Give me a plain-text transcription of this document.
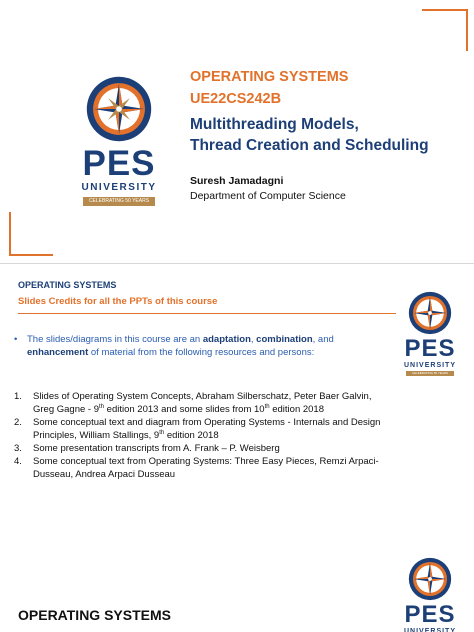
PES
UNIVERSITY
CELEBRATING 50 YEARS
OPERATING SYSTEMS
UE22CS242B
Multithreading Models,
Thread Creation and Scheduling
Suresh Jamadagni
Department of Computer Science
OPERATING SYSTEMS
Slides Credits for all the PPTs of this course
PES
UNIVERSITY
CELEBRATING 50 YEARS
•	The slides/diagrams in this course are an adaptation, combination, and enhancement of material from the following resources and persons:
1. Slides of Operating System Concepts, Abraham Silberschatz, Peter Baer Galvin, Greg Gagne - 9th edition 2013 and some slides from 10th edition 2018
2. Some conceptual text and diagram from Operating Systems - Internals and Design Principles, William Stallings, 9th edition 2018
3. Some presentation transcripts from A. Frank – P. Weisberg
4. Some conceptual text from Operating Systems: Three Easy Pieces, Remzi Arpaci-Dusseau, Andrea Arpaci Dusseau
OPERATING SYSTEMS	PES
UNIVERSITY
